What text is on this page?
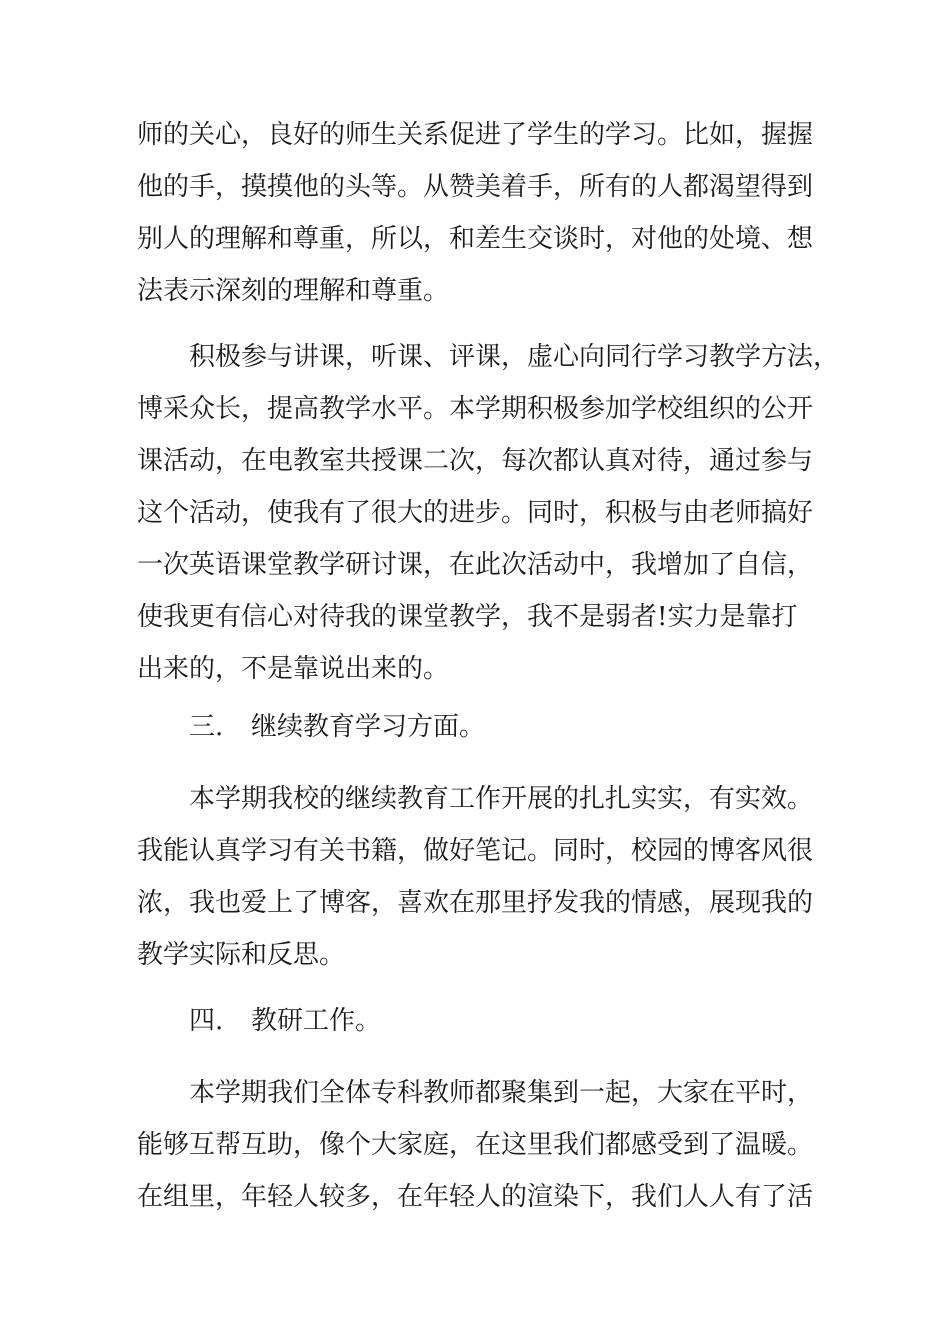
师的关心，良好的师生关系促进了学生的学习。比如，握握
他的手，摸摸他的头等。从赞美着手，所有的人都渴望得到
别人的理解和尊重，所以，和差生交谈时，对他的处境、想
法表示深刻的理解和尊重。
积极参与讲课，听课、评课，虚心向同行学习教学方法，
博采众长，提高教学水平。本学期积极参加学校组织的公开
课活动，在电教室共授课二次，每次都认真对待，通过参与
这个活动，使我有了很大的进步。同时，积极与由老师搞好
一次英语课堂教学研讨课，在此次活动中，我增加了自信，
使我更有信心对待我的课堂教学，我不是弱者!实力是靠打
出来的，不是靠说出来的。
三. 继续教育学习方面。
本学期我校的继续教育工作开展的扎扎实实，有实效。
我能认真学习有关书籍，做好笔记。同时，校园的博客风很
浓，我也爱上了博客，喜欢在那里抒发我的情感，展现我的
教学实际和反思。
四. 教研工作。
本学期我们全体专科教师都聚集到一起，大家在平时，
能够互帮互助，像个大家庭，在这里我们都感受到了温暖。
在组里，年轻人较多，在年轻人的渲染下，我们人人有了活
